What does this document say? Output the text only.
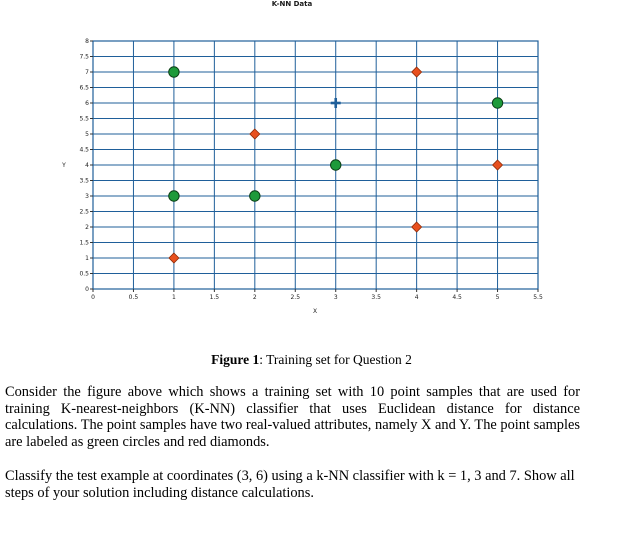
K-NN Data
0	0.5	1	1.5	2	2.5	3	3.5	4	4.5	5	5.5
0
0.5
1
1.5
2
2.5
3
3.5
4
4.5
5
5.5
6
6.5
7
7.5
8
X
Y
Figure 1: Training set for Question 2

Consider the figure above which shows a training set with 10 point samples that are used for training K-nearest-neighbors (K-NN) classifier that uses Euclidean distance for distance calculations. The point samples have two real-valued attributes, namely X and Y. The point samples are labeled as green circles and red diamonds.

Classify the test example at coordinates (3, 6) using a k-NN classifier with k = 1, 3 and 7. Show all steps of your solution including distance calculations.
